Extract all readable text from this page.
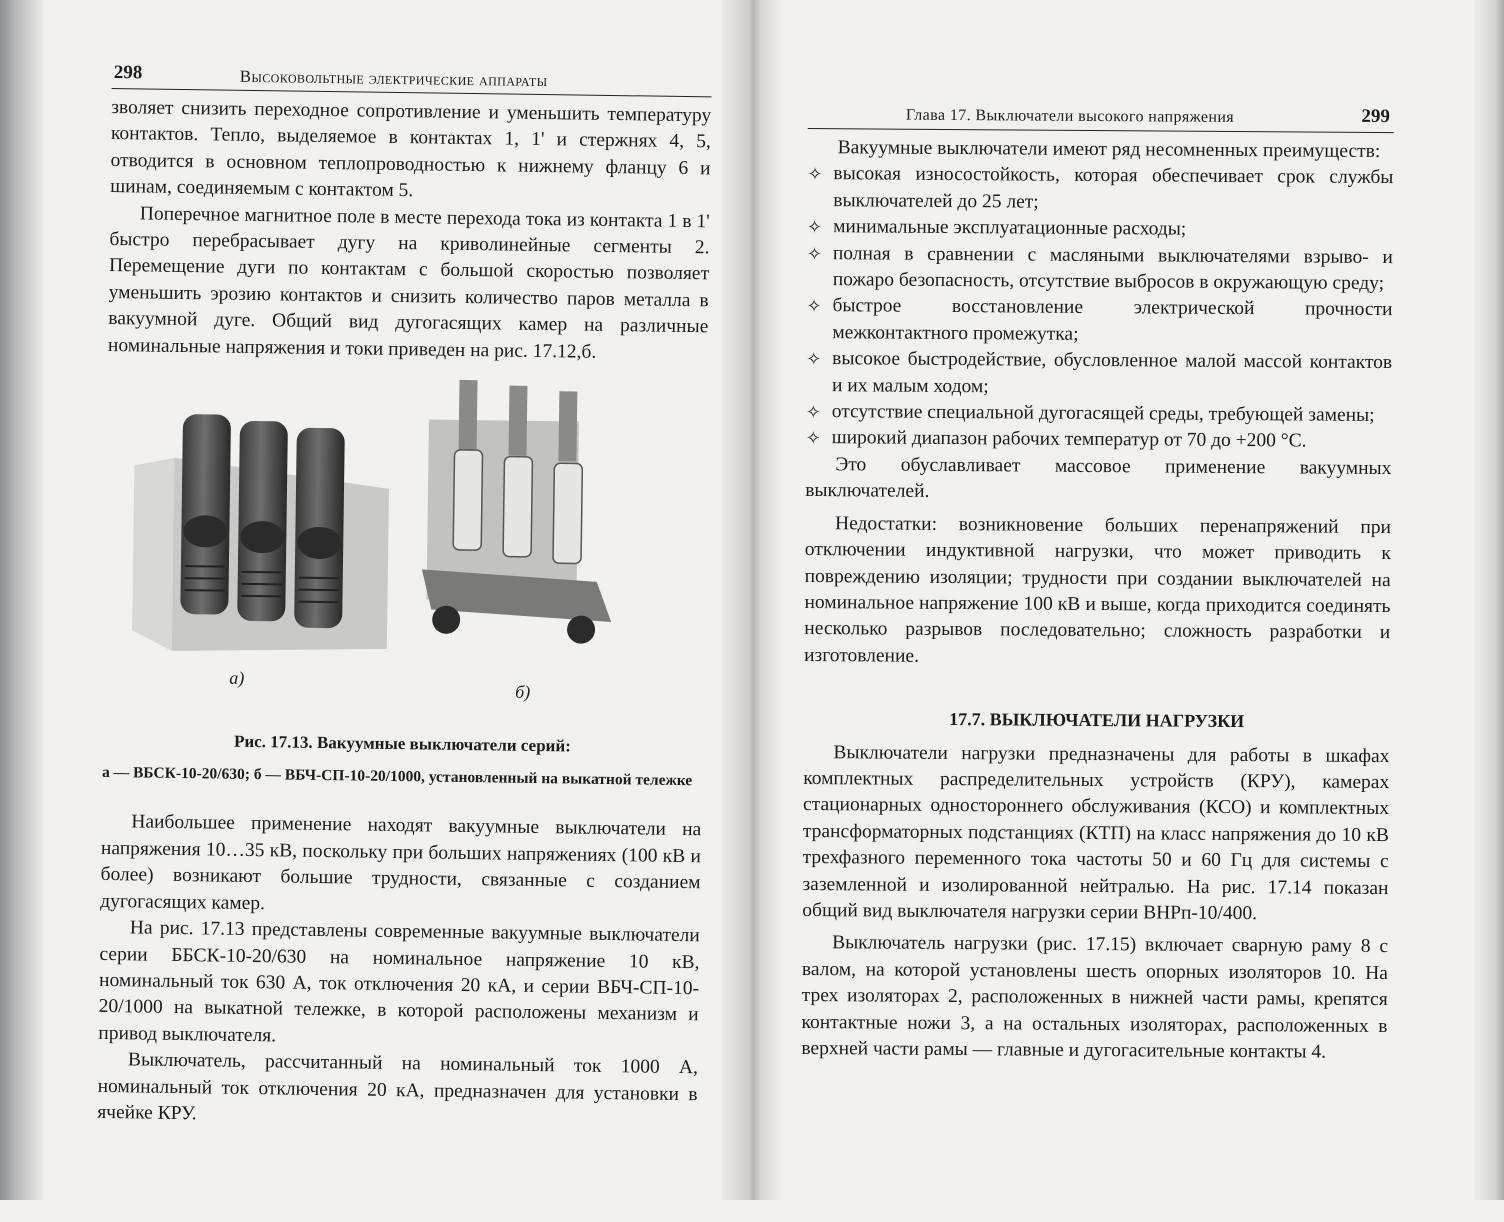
298	Высоковольтные электрические аппараты

зволяет снизить переходное сопротивление и уменьшить температуру контактов. Тепло, выделяемое в контактах 1, 1' и стержнях 4, 5, отводится в основном теплопроводностью к нижнему фланцу 6 и шинам, соединяемым с контактом 5.

Поперечное магнитное поле в месте перехода тока из контакта 1 в 1' быстро перебрасывает дугу на криволинейные сегменты 2. Перемещение дуги по контактам с большой скоростью позволяет уменьшить эрозию контактов и снизить количество паров металла в вакуумной дуге. Общий вид дугогасящих камер на различные номинальные напряжения и токи приведен на рис. 17.12,б.

а)
б)

Рис. 17.13. Вакуумные выключатели серий:

а — ВБСК-10-20/630; б — ВБЧ-СП-10-20/1000, установленный на выкатной тележке

Наибольшее применение находят вакуумные выключатели на напряжения 10…35 кВ, поскольку при больших напряжениях (100 кВ и более) возникают большие трудности, связанные с созданием дугогасящих камер.

На рис. 17.13 представлены современные вакуумные выключатели серии ББСК-10-20/630 на номинальное напряжение 10 кВ, номинальный ток 630 А, ток отключения 20 кА, и серии ВБЧ-СП-10-20/1000 на выкатной тележке, в которой расположены механизм и привод выключателя.

Выключатель, рассчитанный на номинальный ток 1000 А, номинальный ток отключения 20 кА, предназначен для установки в ячейке КРУ.

Глава 17. Выключатели высокого напряжения	299

Вакуумные выключатели имеют ряд несомненных преимуществ:

✧ высокая износостойкость, которая обеспечивает срок службы выключателей до 25 лет;
✧ минимальные эксплуатационные расходы;
✧ полная в сравнении с масляными выключателями взрыво- и пожаро безопасность, отсутствие выбросов в окружающую среду;
✧ быстрое восстановление электрической прочности межконтактного промежутка;
✧ высокое быстродействие, обусловленное малой массой контактов и их малым ходом;
✧ отсутствие специальной дугогасящей среды, требующей замены;
✧ широкий диапазон рабочих температур от 70 до +200 °С.

Это обуславливает массовое применение вакуумных выключателей.

Недостатки: возникновение больших перенапряжений при отключении индуктивной нагрузки, что может приводить к повреждению изоляции; трудности при создании выключателей на номинальное напряжение 100 кВ и выше, когда приходится соединять несколько разрывов последовательно; сложность разработки и изготовление.

17.7. ВЫКЛЮЧАТЕЛИ НАГРУЗКИ

Выключатели нагрузки предназначены для работы в шкафах комплектных распределительных устройств (КРУ), камерах стационарных одностороннего обслуживания (КСО) и комплектных трансформаторных подстанциях (КТП) на класс напряжения до 10 кВ трехфазного переменного тока частоты 50 и 60 Гц для системы с заземленной и изолированной нейтралью. На рис. 17.14 показан общий вид выключателя нагрузки серии ВНРп-10/400.

Выключатель нагрузки (рис. 17.15) включает сварную раму 8 с валом, на которой установлены шесть опорных изоляторов 10. На трех изоляторах 2, расположенных в нижней части рамы, крепятся контактные ножи 3, а на остальных изоляторах, расположенных в верхней части рамы — главные и дугогасительные контакты 4.
